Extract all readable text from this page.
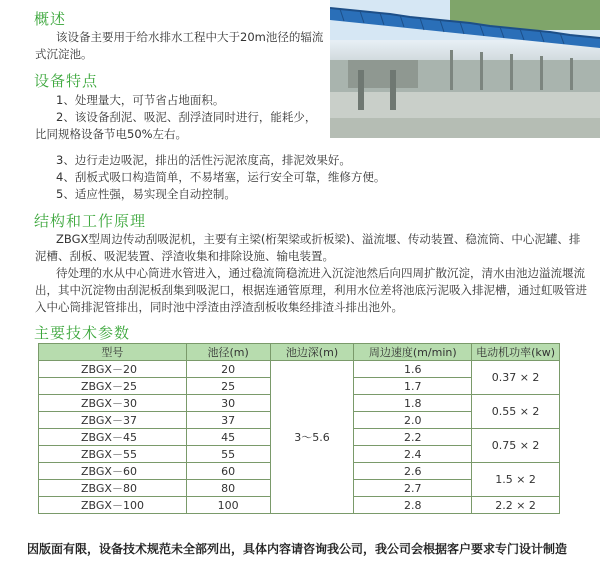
概述
该设备主要用于给水排水工程中大于20m池径的辐流
式沉淀池。
设备特点
1、处理量大，可节省占地面积。
2、该设备刮泥、吸泥、刮浮渣同时进行，能耗少，
比同规格设备节电50%左右。
3、边行走边吸泥，排出的活性污泥浓度高，排泥效果好。
4、刮板式吸口构造简单，不易堵塞，运行安全可靠，维修方便。
5、适应性强，易实现全自动控制。
结构和工作原理
ZBGX型周边传动刮吸泥机，主要有主梁(桁架梁或折板梁)、溢流堰、传动装置、稳流筒、中心泥罐、排
泥槽、刮板、吸泥装置、浮渣收集和排除设施、输电装置。
待处理的水从中心筒进水管进入，通过稳流筒稳流进入沉淀池然后向四周扩散沉淀，清水由池边溢流堰流
出，其中沉淀物由刮泥板刮集到吸泥口，根据连通管原理，利用水位差将池底污泥吸入排泥槽，通过虹吸管进
入中心筒排泥管排出，同时池中浮渣由浮渣刮板收集经排渣斗排出池外。
主要技术参数
型号	池径(m)	池边深(m)	周边速度(m/min)	电动机功率(kw)
ZBGX－20	20	3～5.6	1.6	0.37 × 2
ZBGX－25	25		1.7	
ZBGX－30	30		1.8	0.55 × 2
ZBGX－37	37		2.0	
ZBGX－45	45		2.2	0.75 × 2
ZBGX－55	55		2.4	
ZBGX－60	60		2.6	1.5 × 2
ZBGX－80	80		2.7	
ZBGX－100	100		2.8	2.2 × 2
因版面有限，设备技术规范未全部列出，具体内容请咨询我公司，我公司会根据客户要求专门设计制造
